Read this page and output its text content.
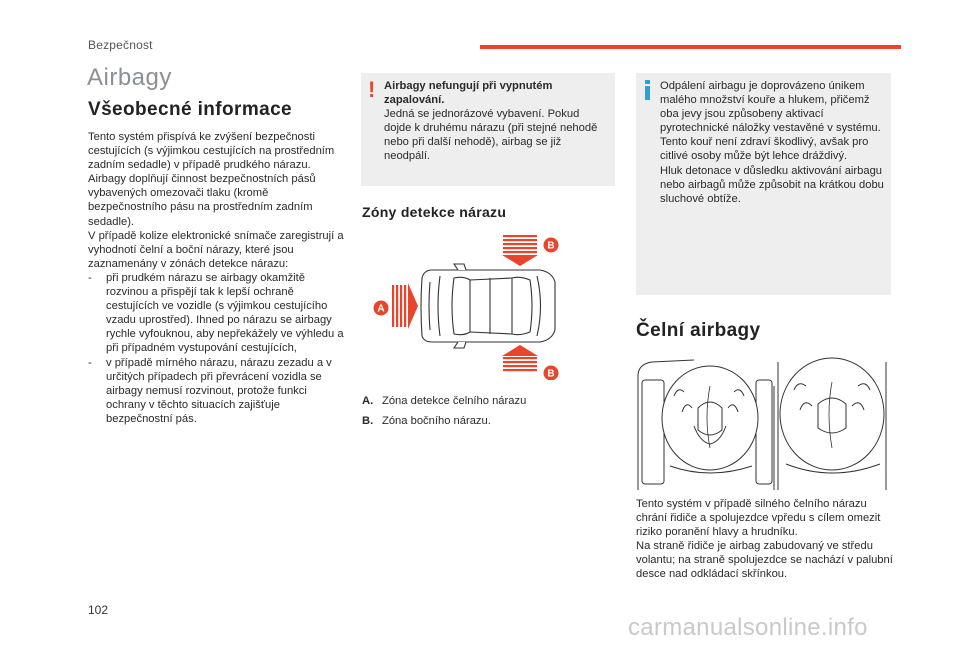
Bezpečnost
Airbagy
Všeobecné informace

Tento systém přispívá ke zvýšení bezpečnosti cestujících (s výjimkou cestujících na prostředním zadním sedadle) v případě prudkého nárazu. Airbagy doplňují činnost bezpečnostních pásů vybavených omezovači tlaku (kromě bezpečnostního pásu na prostředním zadním sedadle).

V případě kolize elektronické snímače zaregistrují a vyhodnotí čelní a boční nárazy, které jsou zaznamenány v zónách detekce nárazu:

- při prudkém nárazu se airbagy okamžitě rozvinou a přispějí tak k lepší ochraně cestujících ve vozidle (s výjimkou cestujícího vzadu uprostřed). Ihned po nárazu se airbagy rychle vyfouknou, aby nepřekážely ve výhledu a při případném vystupování cestujících,
- v případě mírného nárazu, nárazu zezadu a v určitých případech při převrácení vozidla se airbagy nemusí rozvinout, protože funkci ochrany v těchto situacích zajišťuje bezpečnostní pás.
! Airbagy nefungují při vypnutém zapalování.
Jedná se jednorázové vybavení. Pokud dojde k druhému nárazu (při stejné nehodě nebo při další nehodě), airbag se již neodpálí.
Zóny detekce nárazu
A
B
B
A. Zóna detekce čelního nárazu
B. Zóna bočního nárazu.
Odpálení airbagu je doprovázeno únikem malého množství kouře a hlukem, přičemž oba jevy jsou způsobeny aktivací pyrotechnické náložky vestavěné v systému.
Tento kouř není zdraví škodlivý, avšak pro citlivé osoby může být lehce dráždivý.
Hluk detonace v důsledku aktivování airbagu nebo airbagů může způsobit na krátkou dobu sluchové obtíže.
Čelní airbagy
Tento systém v případě silného čelního nárazu chrání řidiče a spolujezdce vpředu s cílem omezit riziko poranění hlavy a hrudníku.
Na straně řidiče je airbag zabudovaný ve středu volantu; na straně spolujezdce se nachází v palubní desce nad odkládací skřínkou.
102
carmanualsonline.info
